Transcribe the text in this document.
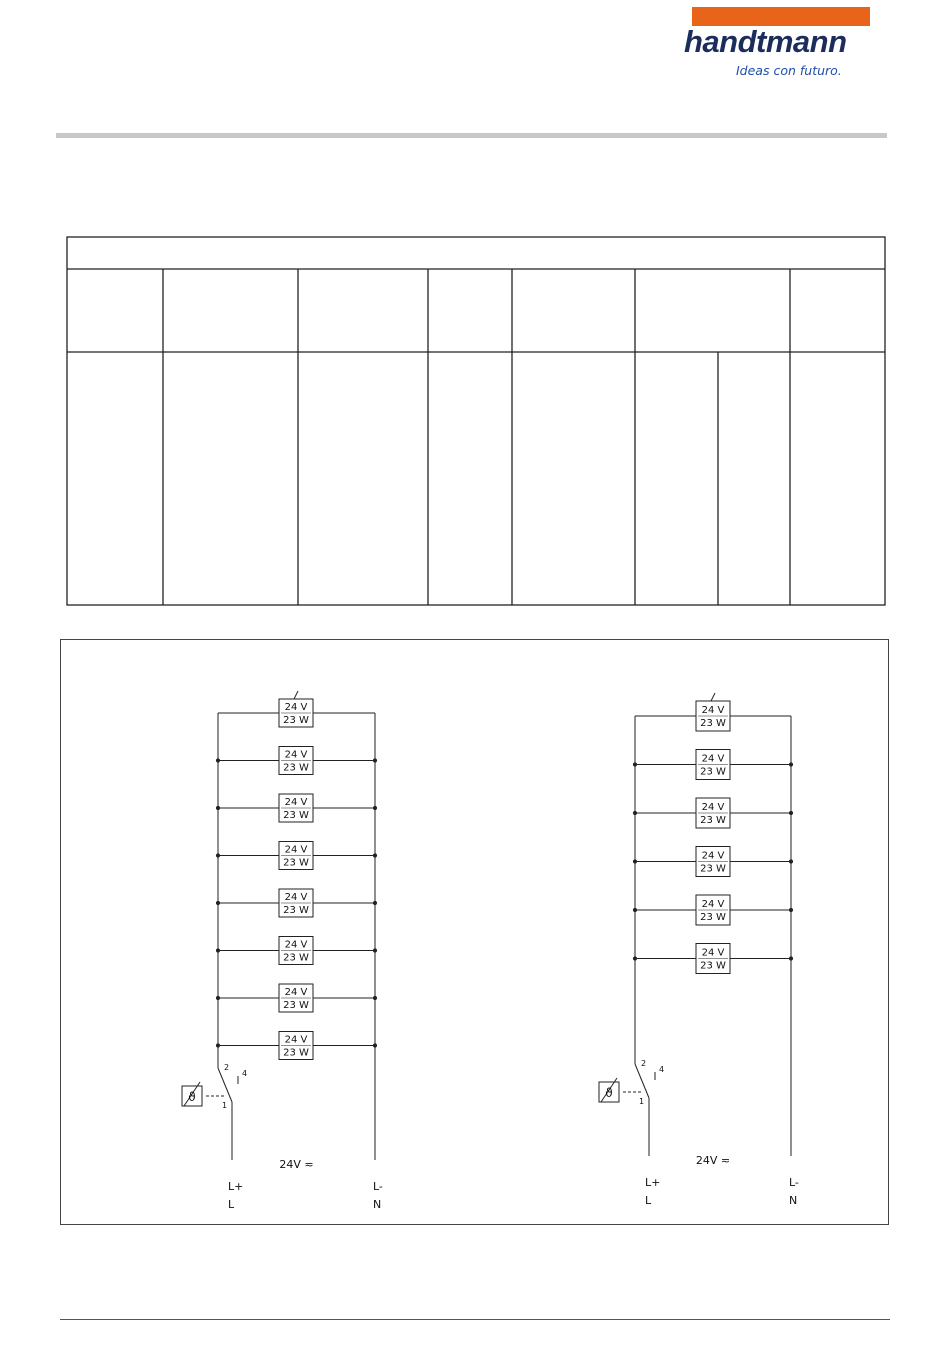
handtmann
Ideas con futuro.
24 V
23 W
24 V
23 W
24 V
23 W
24 V
23 W
24 V
23 W
24 V
23 W
24 V
23 W
24 V
23 W
2
4
1
ϑ
24V ≂
L+
L
L-
N
24 V
23 W
24 V
23 W
24 V
23 W
24 V
23 W
24 V
23 W
24 V
23 W
2
4
1
ϑ
24V ≂
L+
L
L-
N
